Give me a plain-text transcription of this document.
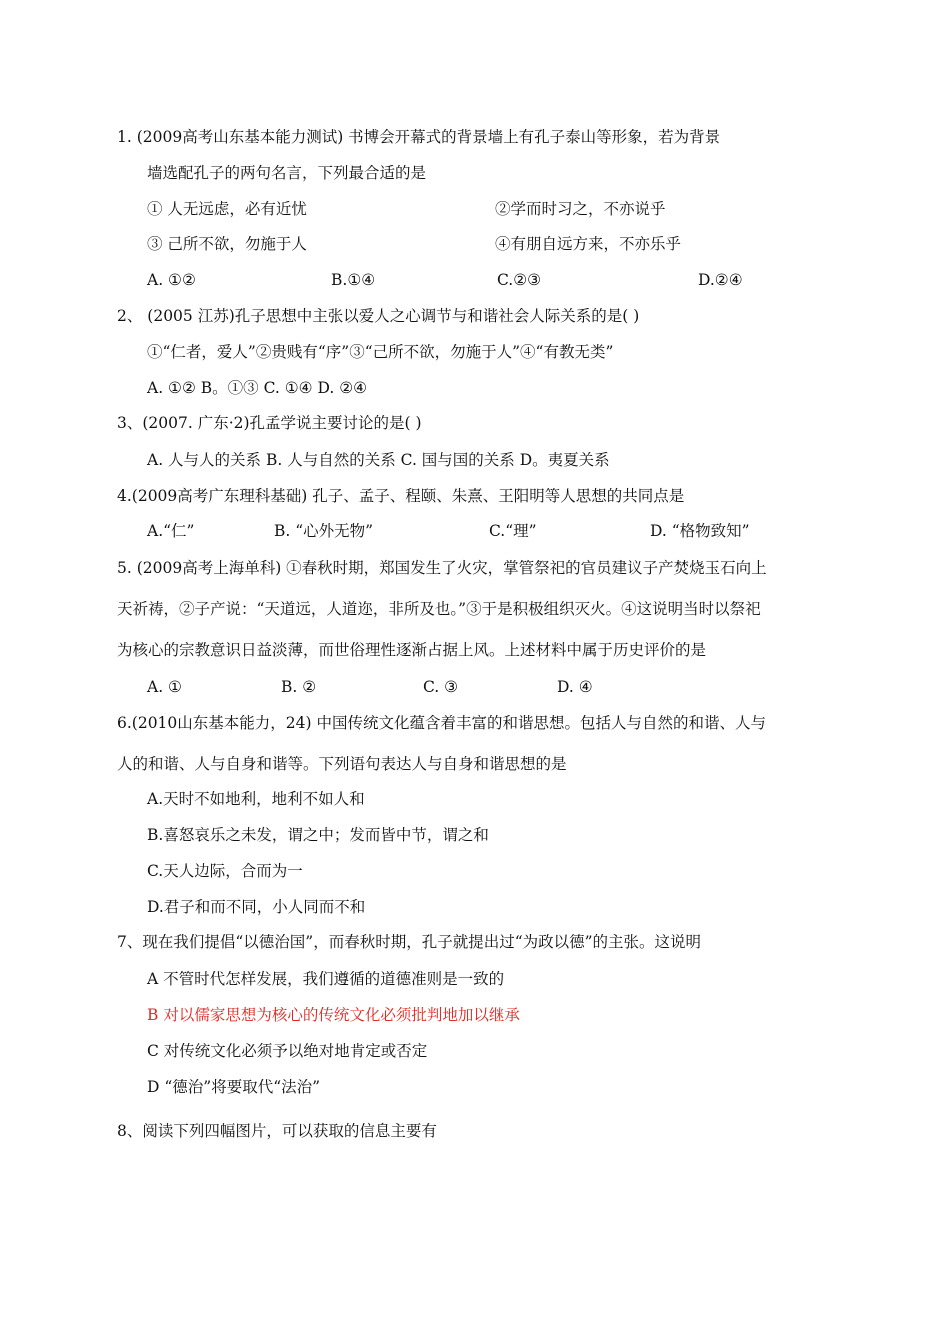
1. (2009高考山东基本能力测试) 书博会开幕式的背景墙上有孔子泰山等形象，若为背景
墙选配孔子的两句名言，下列最合适的是
① 人无远虑，必有近忧	②学而时习之，不亦说乎
③ 己所不欲，勿施于人	④有朋自远方来，不亦乐乎
A. ①②	B.①④	C.②③	D.②④
2、 (2005 江苏)孔子思想中主张以爱人之心调节与和谐社会人际关系的是( )
①“仁者，爱人”②贵贱有“序”③“己所不欲，勿施于人”④“有教无类”
A. ①② B。①③ C. ①④ D. ②④
3、(2007. 广东·2)孔孟学说主要讨论的是( )
A. 人与人的关系 B. 人与自然的关系 C. 国与国的关系 D。夷夏关系
4.(2009高考广东理科基础) 孔子、孟子、程颐、朱熹、王阳明等人思想的共同点是
A.“仁”	B. “心外无物”	C.“理”	D. “格物致知”
5. (2009高考上海单科) ①春秋时期，郑国发生了火灾，掌管祭祀的官员建议子产焚烧玉石向上
天祈祷，②子产说：“天道远，人道迩，非所及也。”③于是积极组织灭火。④这说明当时以祭祀
为核心的宗教意识日益淡薄，而世俗理性逐渐占据上风。上述材料中属于历史评价的是
A. ①	B. ②	C. ③	D. ④
6.(2010山东基本能力，24) 中国传统文化蕴含着丰富的和谐思想。包括人与自然的和谐、人与
人的和谐、人与自身和谐等。下列语句表达人与自身和谐思想的是
A.天时不如地利，地利不如人和
B.喜怒哀乐之未发，谓之中；发而皆中节，谓之和
C.天人边际，合而为一
D.君子和而不同，小人同而不和
7、现在我们提倡“以德治国”，而春秋时期，孔子就提出过“为政以德”的主张。这说明
A 不管时代怎样发展，我们遵循的道德准则是一致的
B 对以儒家思想为核心的传统文化必须批判地加以继承
C 对传统文化必须予以绝对地肯定或否定
D “德治”将要取代“法治”
8、阅读下列四幅图片，可以获取的信息主要有
